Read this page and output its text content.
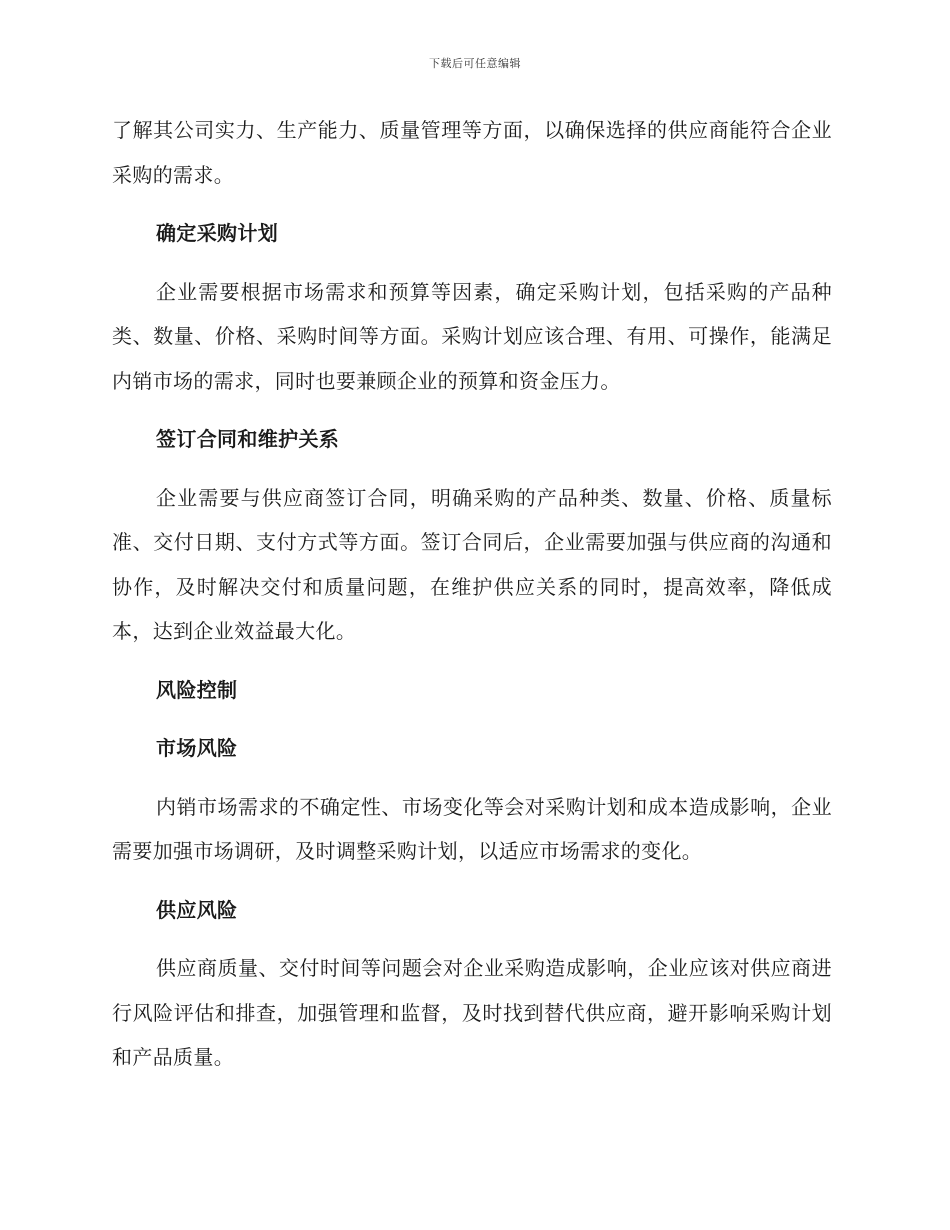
下载后可任意编辑

了解其公司实力、生产能力、质量管理等方面，以确保选择的供应商能符合企业采购的需求。

确定采购计划

企业需要根据市场需求和预算等因素，确定采购计划，包括采购的产品种类、数量、价格、采购时间等方面。采购计划应该合理、有用、可操作，能满足内销市场的需求，同时也要兼顾企业的预算和资金压力。

签订合同和维护关系

企业需要与供应商签订合同，明确采购的产品种类、数量、价格、质量标准、交付日期、支付方式等方面。签订合同后，企业需要加强与供应商的沟通和协作，及时解决交付和质量问题，在维护供应关系的同时，提高效率，降低成本，达到企业效益最大化。

风险控制

市场风险

内销市场需求的不确定性、市场变化等会对采购计划和成本造成影响，企业需要加强市场调研，及时调整采购计划，以适应市场需求的变化。

供应风险

供应商质量、交付时间等问题会对企业采购造成影响，企业应该对供应商进行风险评估和排查，加强管理和监督，及时找到替代供应商，避开影响采购计划和产品质量。
